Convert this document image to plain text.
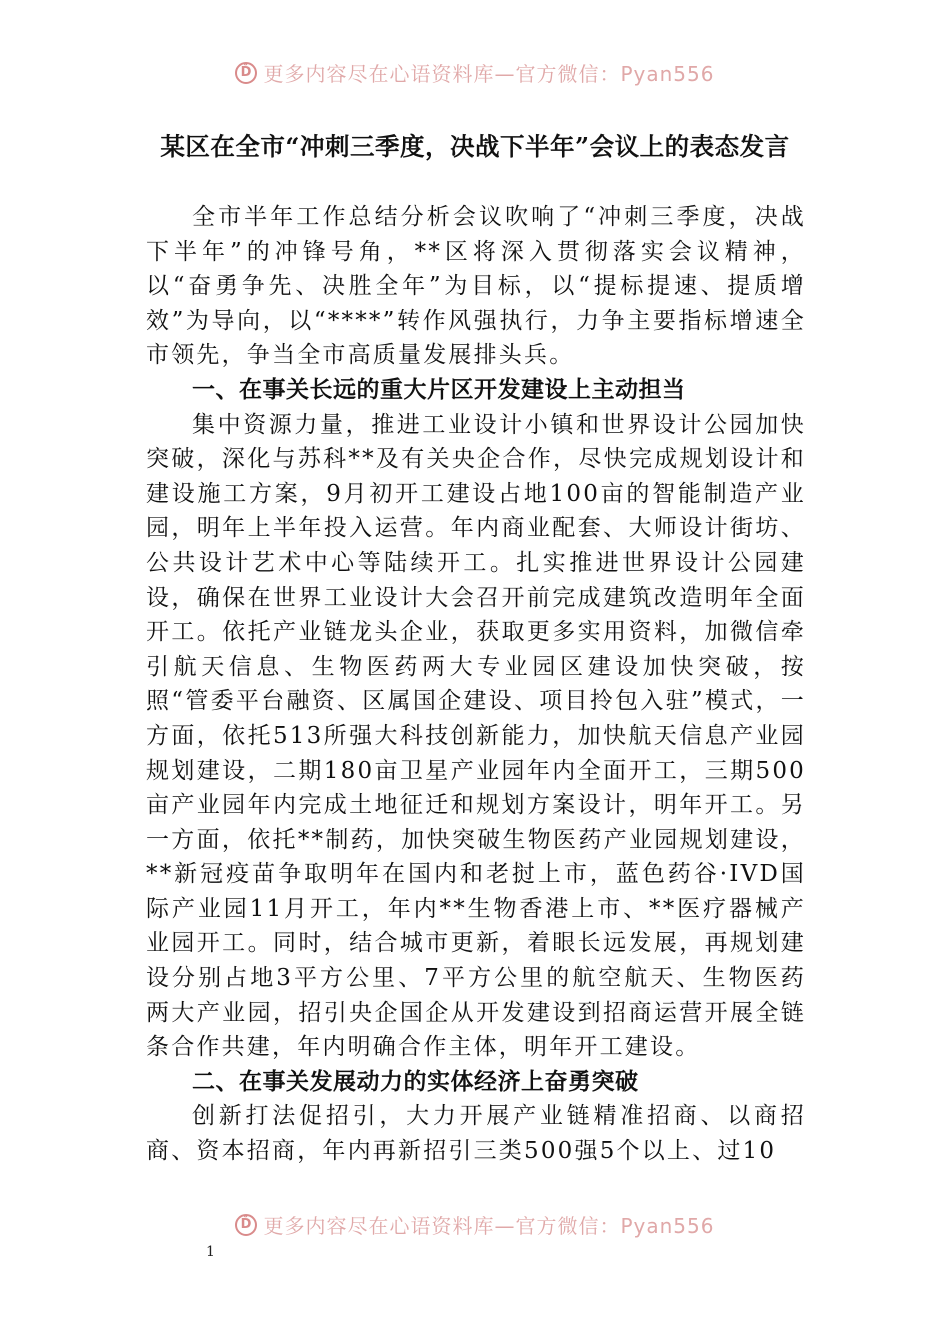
Ď 更多内容尽在心语资料库—官方微信：Pyan556
某区在全市“冲刺三季度，决战下半年”会议上的表态发言

全市半年工作总结分析会议吹响了“冲刺三季度，决战下半年”的冲锋号角，**区将深入贯彻落实会议精神，以“奋勇争先、决胜全年”为目标，以“提标提速、提质增效”为导向，以“****”转作风强执行，力争主要指标增速全市领先，争当全市高质量发展排头兵。

一、在事关长远的重大片区开发建设上主动担当

集中资源力量，推进工业设计小镇和世界设计公园加快突破，深化与苏科**及有关央企合作，尽快完成规划设计和建设施工方案，9月初开工建设占地100亩的智能制造产业园，明年上半年投入运营。年内商业配套、大师设计街坊、公共设计艺术中心等陆续开工。扎实推进世界设计公园建设，确保在世界工业设计大会召开前完成建筑改造明年全面开工。依托产业链龙头企业，获取更多实用资料，加微信牵引航天信息、生物医药两大专业园区建设加快突破，按照“管委平台融资、区属国企建设、项目拎包入驻”模式，一方面，依托513所强大科技创新能力，加快航天信息产业园规划建设，二期180亩卫星产业园年内全面开工，三期500亩产业园年内完成土地征迁和规划方案设计，明年开工。另一方面，依托**制药，加快突破生物医药产业园规划建设，**新冠疫苗争取明年在国内和老挝上市，蓝色药谷·IVD国际产业园11月开工，年内**生物香港上市、**医疗器械产业园开工。同时，结合城市更新，着眼长远发展，再规划建设分别占地3平方公里、7平方公里的航空航天、生物医药两大产业园，招引央企国企从开发建设到招商运营开展全链条合作共建，年内明确合作主体，明年开工建设。

二、在事关发展动力的实体经济上奋勇突破

创新打法促招引，大力开展产业链精准招商、以商招商、资本招商，年内再新招引三类500强5个以上、过10

Ď 更多内容尽在心语资料库—官方微信：Pyan556
1
